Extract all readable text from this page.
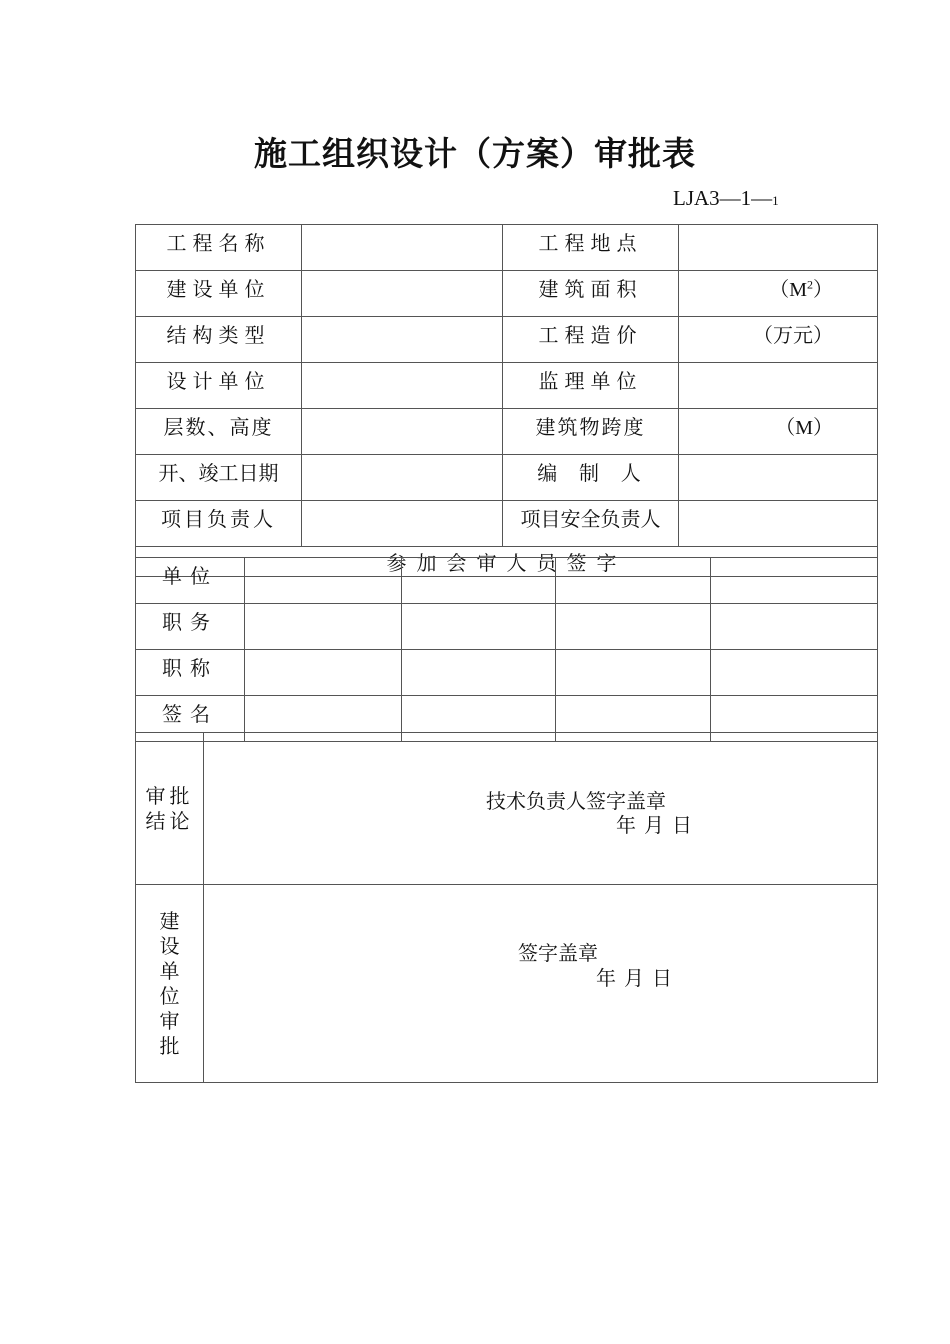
施工组织设计（方案）审批表
LJA3—1—1
工程名称		工程地点	
建设单位		建筑面积	$(M^2)$
结构类型		工程造价	（万元）
设计单位		监理单位	
层数、高度		建筑物跨度	（M）
开、竣工日期		编  制  人	
项目负责人		项目安全负责人	
参加会审人员签字			
单位				
职务				
职称				
签名				
审批结论	技术负责人签字盖章
年月日

建设单位审批	签字盖章
年月日
